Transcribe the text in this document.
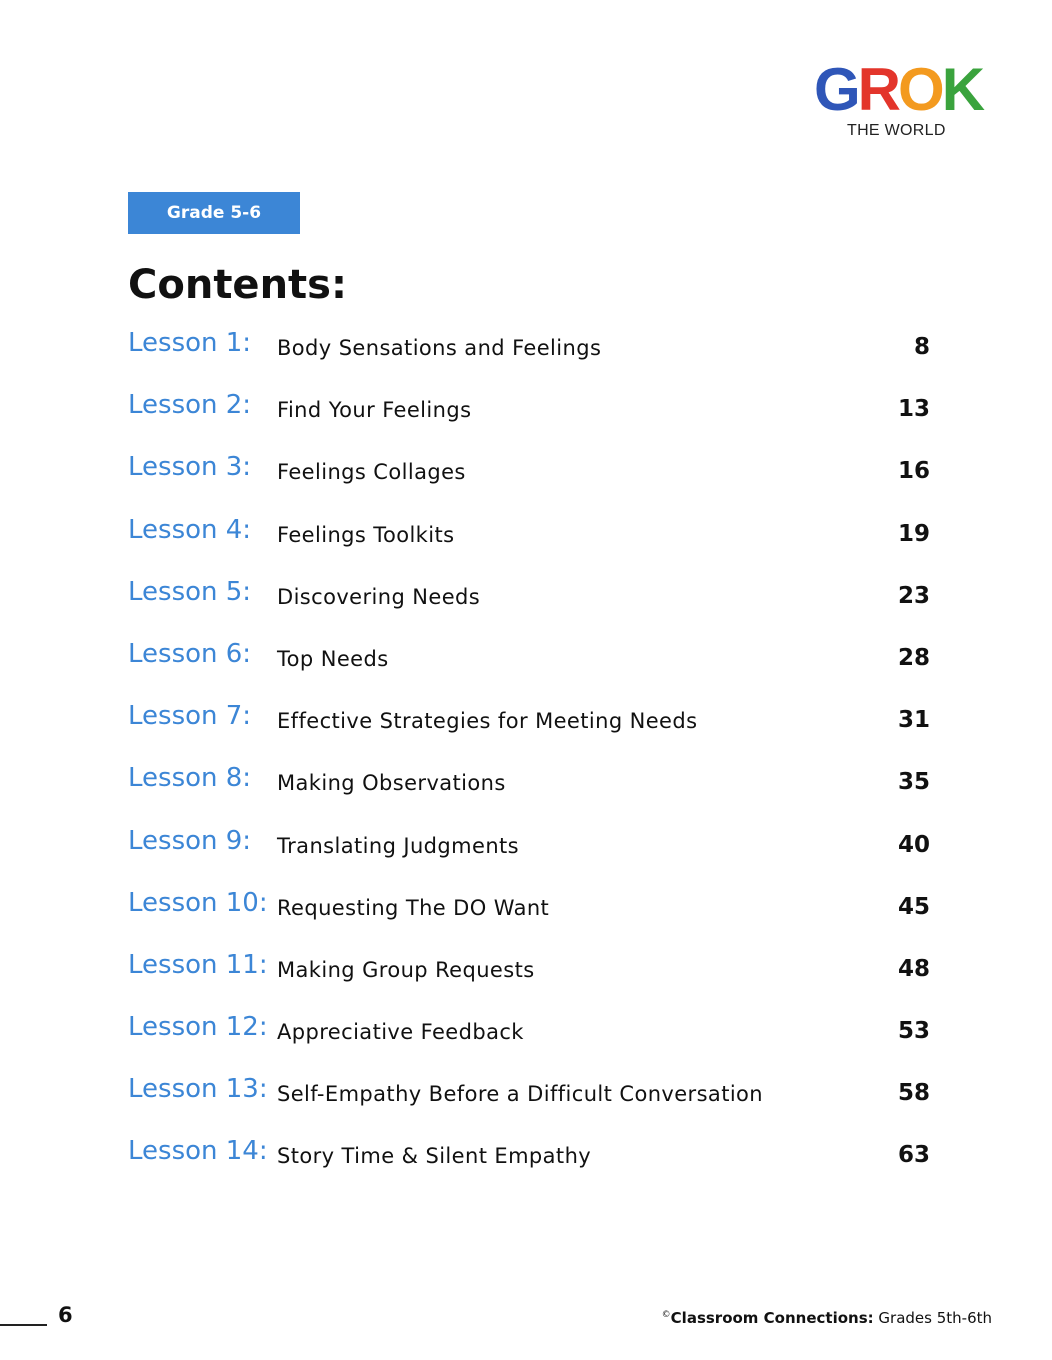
G R O K
THE WORLD
Grade 5-6
Contents:
Lesson 1: Body Sensations and Feelings	8
Lesson 2: Find Your Feelings	13
Lesson 3: Feelings Collages	16
Lesson 4: Feelings Toolkits	19
Lesson 5: Discovering Needs	23
Lesson 6: Top Needs	28
Lesson 7: Effective Strategies for Meeting Needs	31
Lesson 8: Making Observations	35
Lesson 9: Translating Judgments	40
Lesson 10: Requesting The DO Want	45
Lesson 11: Making Group Requests	48
Lesson 12: Appreciative Feedback	53
Lesson 13: Self-Empathy Before a Difficult Conversation	58
Lesson 14: Story Time & Silent Empathy	63
6	©Classroom Connections: Grades 5th-6th
